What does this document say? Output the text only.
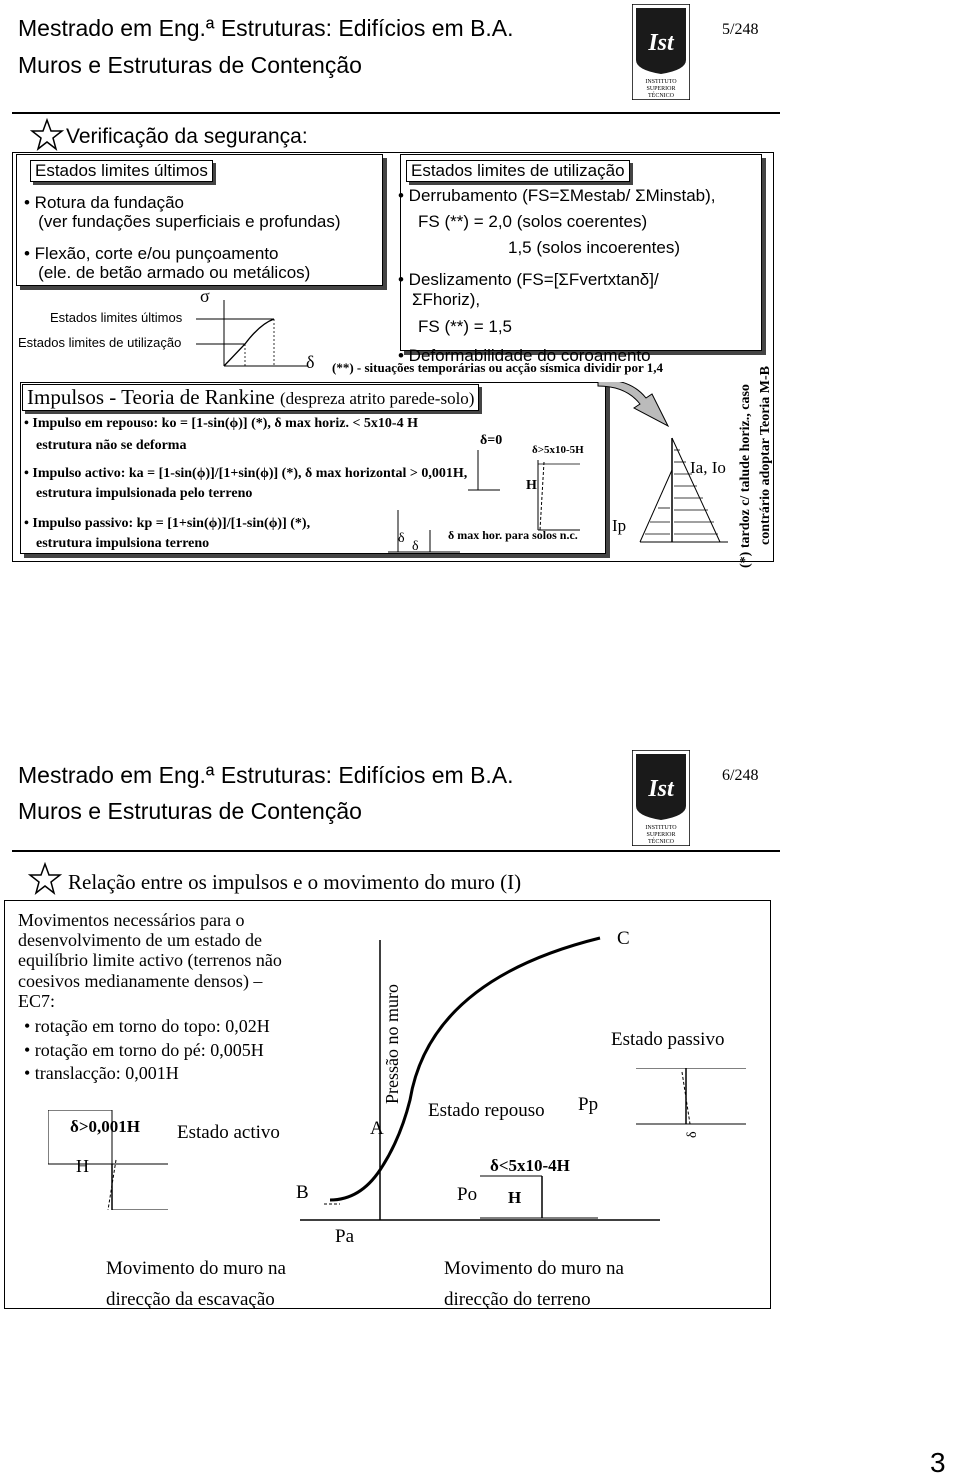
Mestrado em Eng.ª Estruturas: Edifícios em B.A.
Muros e Estruturas de Contenção
5/248
Ist
INSTITUTO
SUPERIOR
TÉCNICO
Verificação da segurança:
Estados limites últimos
• Rotura da fundação
(ver fundações superficiais e profundas)
• Flexão, corte e/ou punçoamento
(ele. de betão armado ou metálicos)
Estados limites de utilização
• Derrubamento (FS=ΣMestab/ ΣMinstab),
FS (**) = 2,0 (solos coerentes)
1,5 (solos incoerentes)
• Deslizamento (FS=[ΣFvertxtanδ]/
ΣFhoriz),
FS (**) = 1,5
• Deformabilidade do coroamento
Estados limites últimos
Estados limites de utilização
σ
δ (**) - situações temporárias ou acção sísmica dividir por 1,4
Impulsos - Teoria de Rankine (despreza atrito parede-solo)
• Impulso em repouso: ko = [1-sin(ϕ)] (*), δ max horiz. < 5x10-4 H
estrutura não se deforma
• Impulso activo: ka = [1-sin(ϕ)]/[1+sin(ϕ)] (*), δ max horizontal > 0,001H,
estrutura impulsionada pelo terreno
• Impulso passivo: kp = [1+sin(ϕ)]/[1-sin(ϕ)] (*),
estrutura impulsiona terreno
δ=0
δ>5x10-5H
H
δ max hor. para solos n.c.
δ
δ
Ia, Io
Ip	(*) tardoz c/ talude horiz., caso contrário adoptar Teoria M-B
Mestrado em Eng.ª Estruturas: Edifícios em B.A.
Muros e Estruturas de Contenção
6/248
Ist
INSTITUTO
SUPERIOR
TÉCNICO
Relação entre os impulsos e o movimento do muro (I)
Movimentos necessários para o
desenvolvimento de um estado de
equilíbrio limite activo (terrenos não
coesivos medianamente densos) –
EC7:
• rotação em torno do topo: 0,02H
• rotação em torno do pé: 0,005H
• translacção: 0,001H
δ>0,001H
H
Estado activo
Pressão no muro
A
B
C
Pa
Po
Pp
Estado repouso
δ<5x10-4H
H
Estado passivo
δ
Movimento do muro na
direcção da escavação
Movimento do muro na
direcção do terreno
3
